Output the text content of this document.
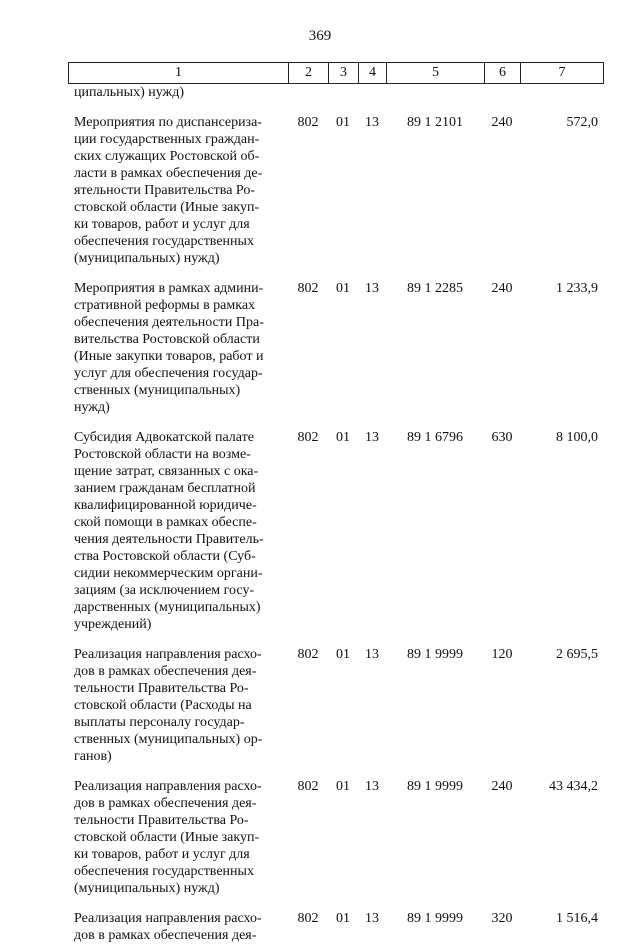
369
1	2	3	4	5	6	7
ципальных) нужд)
Мероприятия по диспансеризa-
ции государственных граждан-
ских служащих Ростовской об-
ласти в рамках обеспечения де-
ятельности Правительства Ро-
стовской области (Иные закуп-
ки товаров, работ и услуг для
обеспечения государственных
(муниципальных) нужд)
802	01	13	89 1 2101	240	572,0
Мероприятия в рамках админи-
стративной реформы в рамках
обеспечения деятельности Пра-
вительства Ростовской области
(Иные закупки товаров, работ и
услуг для обеспечения государ-
ственных (муниципальных)
нужд)
802	01	13	89 1 2285	240	1 233,9
Субсидия Адвокатской палате
Ростовской области на возме-
щение затрат, связанных с ока-
занием гражданам бесплатной
квалифицированной юридиче-
ской помощи в рамках обеспе-
чения деятельности Правитель-
ства Ростовской области (Суб-
сидии некоммерческим органи-
зациям (за исключением госу-
дарственных (муниципальных)
учреждений)
802	01	13	89 1 6796	630	8 100,0
Реализация направления расхо-
дов в рамках обеспечения дея-
тельности Правительства Ро-
стовской области (Расходы на
выплаты персоналу государ-
ственных (муниципальных) ор-
ганов)
802	01	13	89 1 9999	120	2 695,5
Реализация направления расхо-
дов в рамках обеспечения дея-
тельности Правительства Ро-
стовской области (Иные закуп-
ки товаров, работ и услуг для
обеспечения государственных
(муниципальных) нужд)
802	01	13	89 1 9999	240	43 434,2
Реализация направления расхо-
дов в рамках обеспечения дея-
802	01	13	89 1 9999	320	1 516,4
